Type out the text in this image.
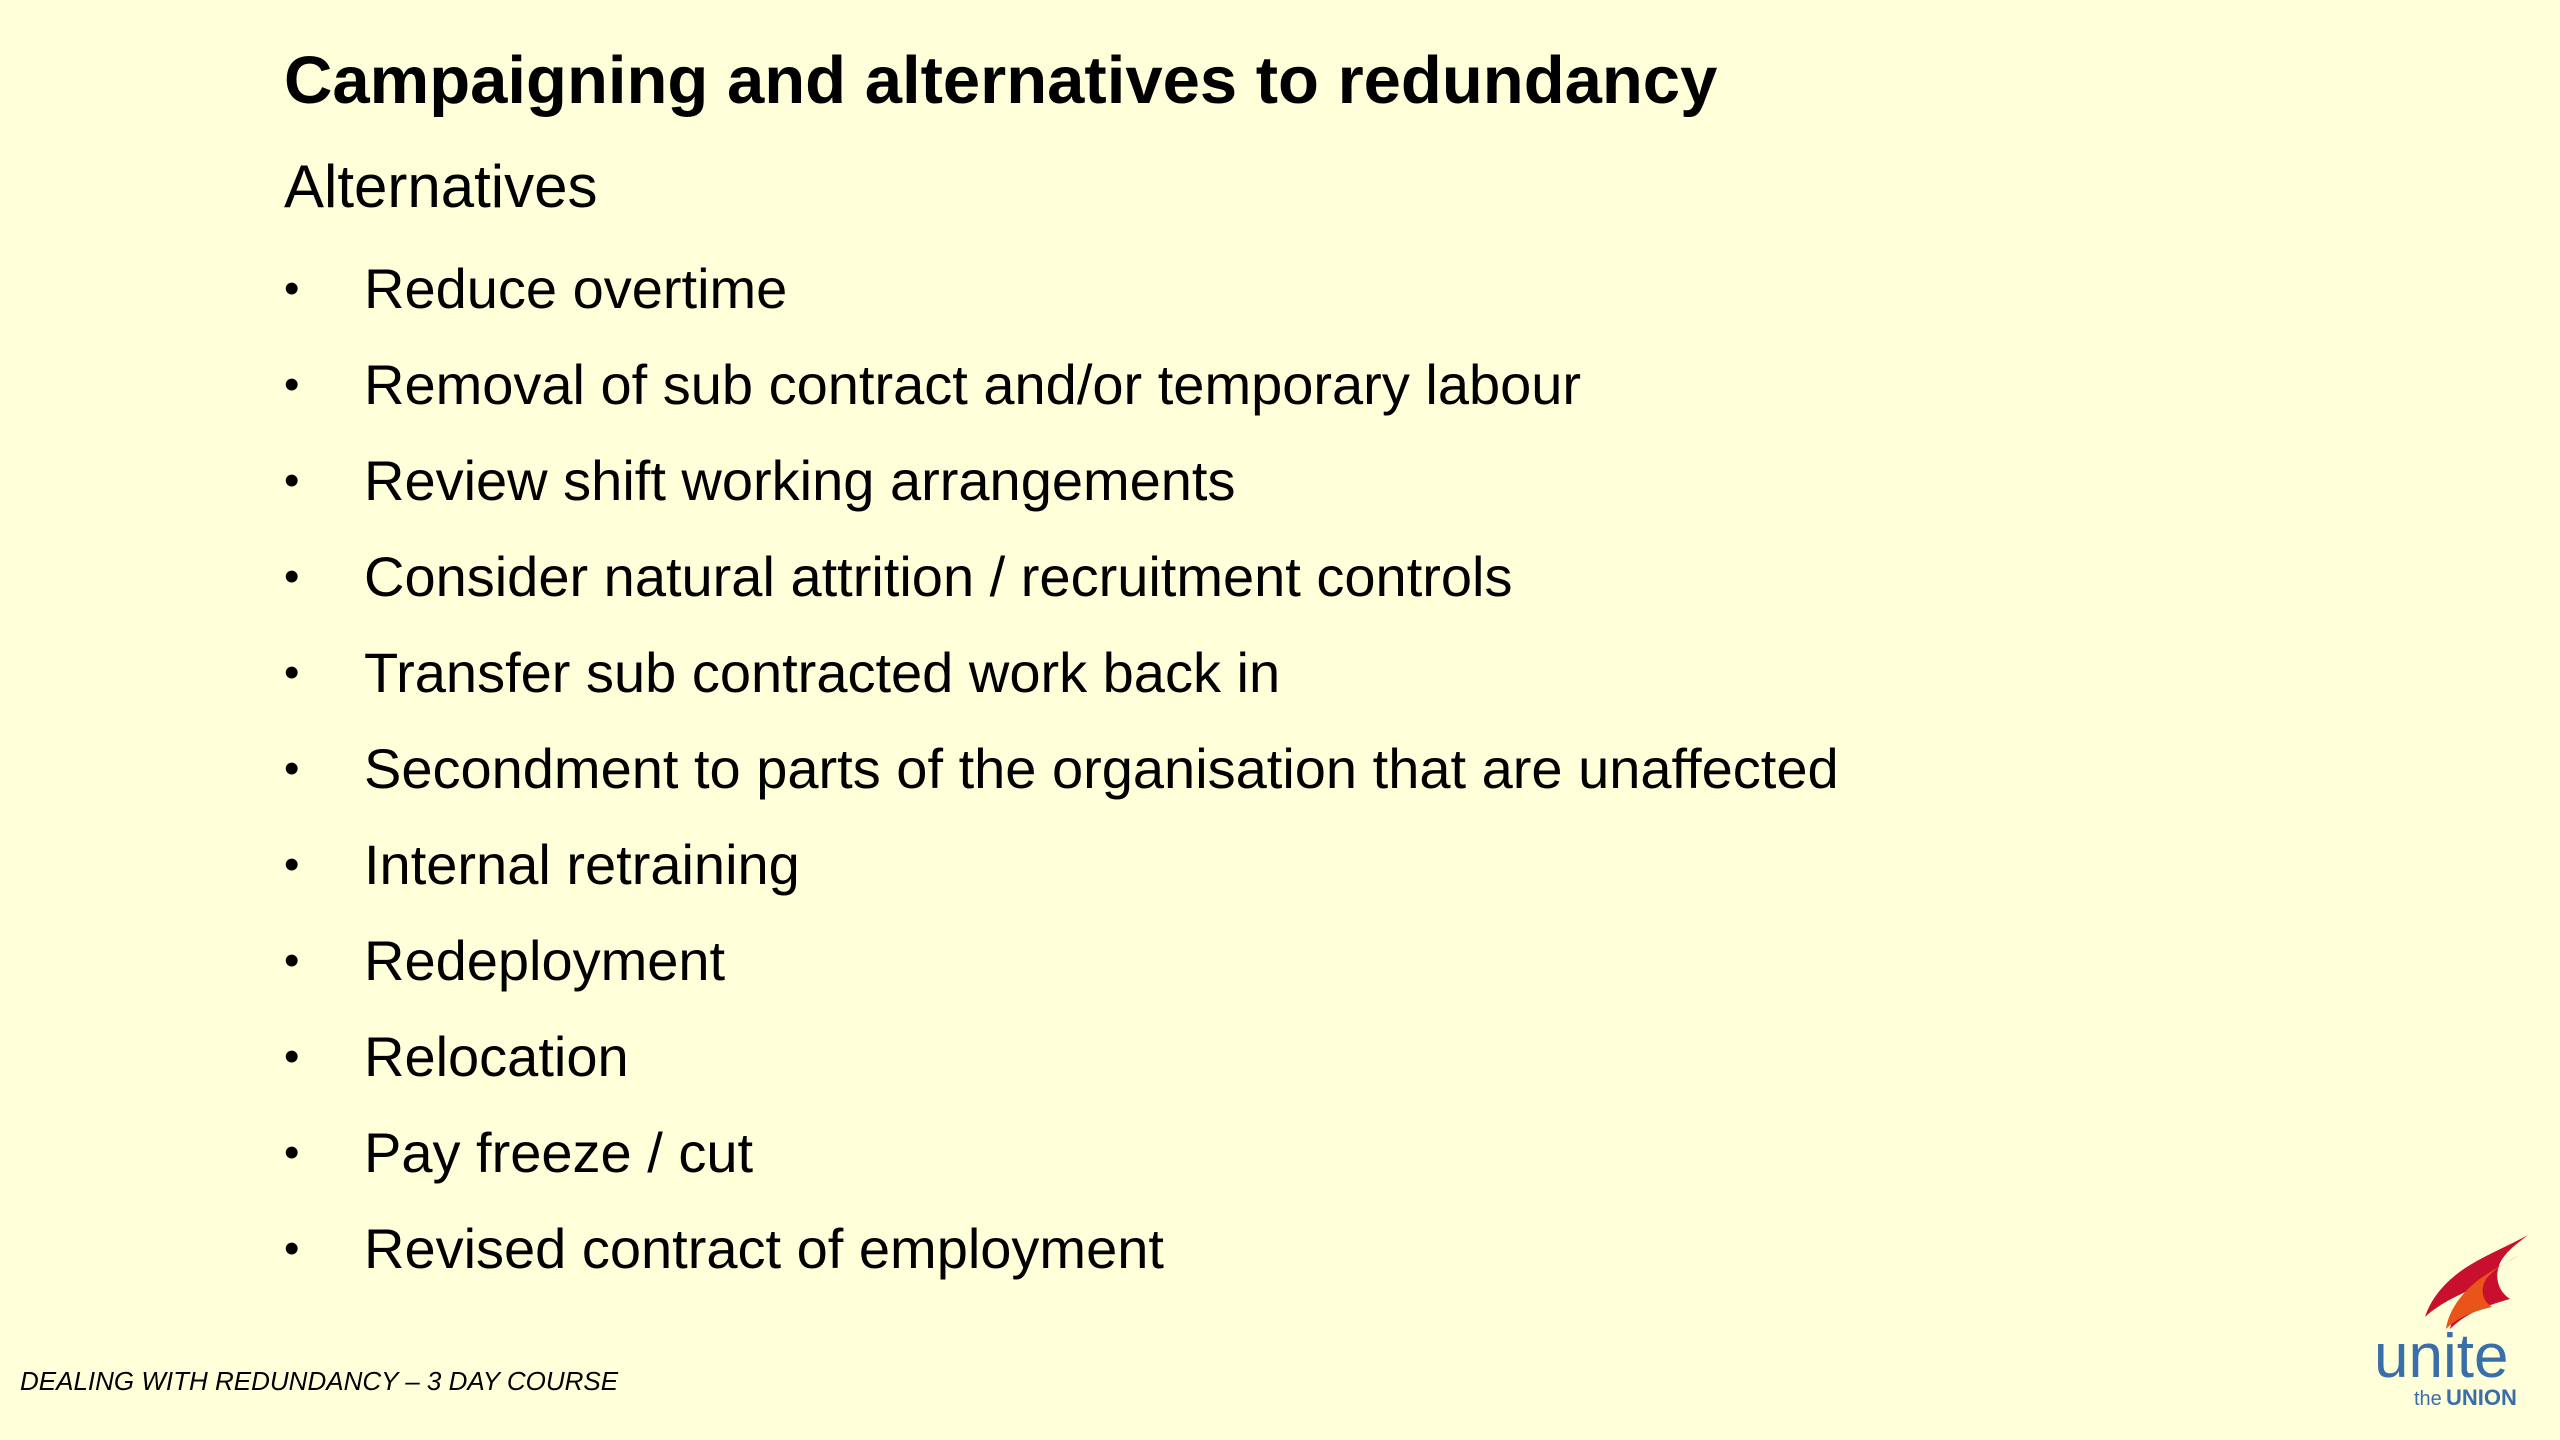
Campaigning and alternatives to redundancy
Alternatives
•	Reduce overtime
•	Removal of sub contract and/or temporary labour
•	Review shift working arrangements
•	Consider natural attrition / recruitment controls
•	Transfer sub contracted work back in
•	Secondment to parts of the organisation that are unaffected
•	Internal retraining
•	Redeployment
•	Relocation
•	Pay freeze / cut
•	Revised contract of employment
DEALING WITH REDUNDANCY – 3 DAY COURSE	unite
the UNION
